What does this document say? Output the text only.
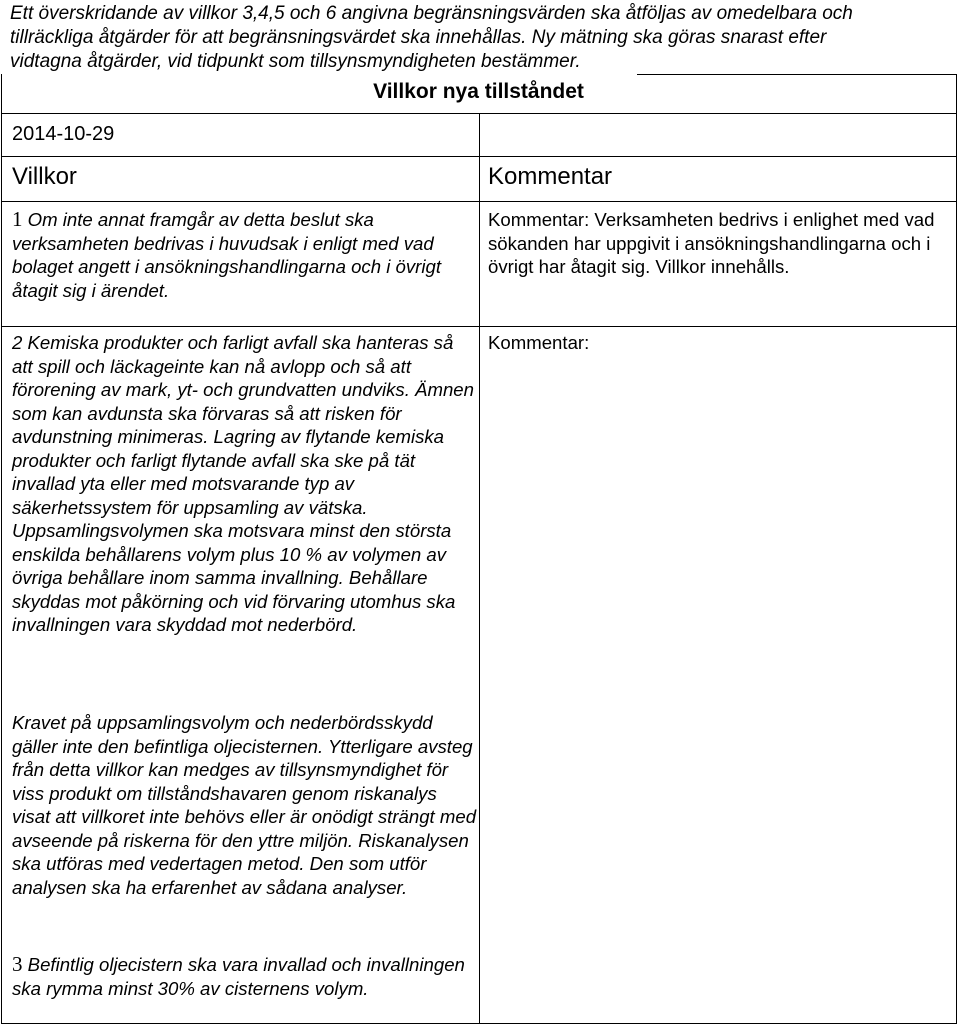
Ett överskridande av villkor 3,4,5 och 6 angivna begränsningsvärden ska åtföljas av omedelbara och

tillräckliga åtgärder för att begränsningsvärdet ska innehållas. Ny mätning ska göras snarast efter

vidtagna åtgärder, vid tidpunkt som tillsynsmyndigheten bestämmer.

Villkor nya tillståndet
2014-10-29
Villkor	Kommentar
1 Om inte annat framgår av detta beslut ska verksamheten bedrivas i huvudsak i enligt med vad bolaget angett i ansökningshandlingarna och i övrigt åtagit sig i ärendet.
Kommentar: Verksamheten bedrivs i enlighet med vad sökanden har uppgivit i ansökningshandlingarna och i övrigt har åtagit sig. Villkor innehålls.
2 Kemiska produkter och farligt avfall ska hanteras så att spill och läckageinte kan nå avlopp och så att förorening av mark, yt- och grundvatten undviks. Ämnen som kan avdunsta ska förvaras så att risken för avdunstning minimeras. Lagring av flytande kemiska produkter och farligt flytande avfall ska ske på tät invallad yta eller med motsvarande typ av säkerhetssystem för uppsamling av vätska. Uppsamlingsvolymen ska motsvara minst den största enskilda behållarens volym plus 10 % av volymen av övriga behållare inom samma invallning. Behållare skyddas mot påkörning och vid förvaring utomhus ska invallningen vara skyddad mot nederbörd.
Kravet på uppsamlingsvolym och nederbördsskydd gäller inte den befintliga oljecisternen. Ytterligare avsteg från detta villkor kan medges av tillsynsmyndighet för viss produkt om tillståndshavaren genom riskanalys visat att villkoret inte behövs eller är onödigt strängt med avseende på riskerna för den yttre miljön. Riskanalysen ska utföras med vedertagen metod. Den som utför analysen ska ha erfarenhet av sådana analyser.
Kommentar:
3 Befintlig oljecistern ska vara invallad och invallningen ska rymma minst 30% av cisternens volym.
